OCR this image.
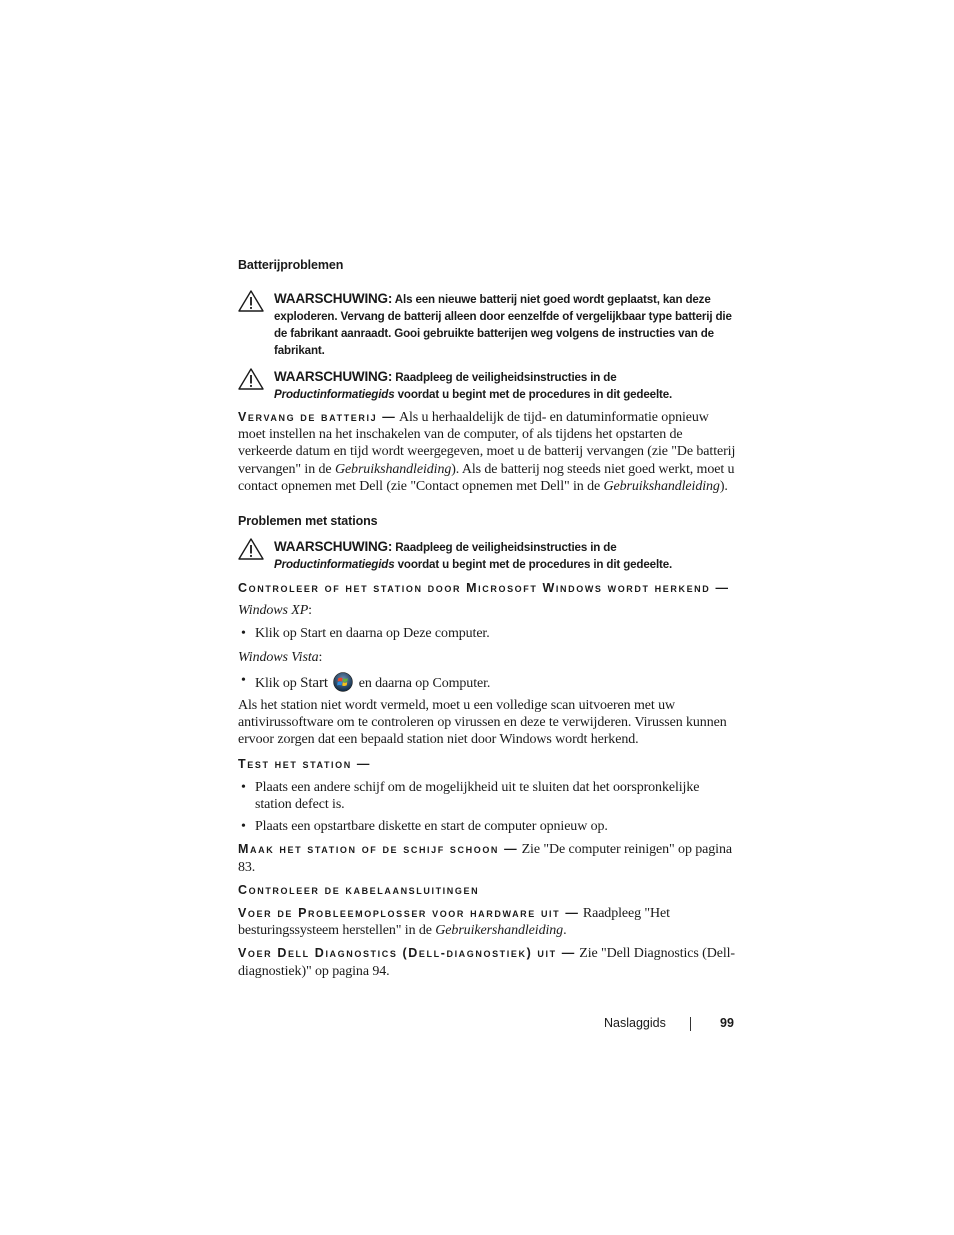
Batterijproblemen
WAARSCHUWING: Als een nieuwe batterij niet goed wordt geplaatst, kan deze exploderen. Vervang de batterij alleen door eenzelfde of vergelijkbaar type batterij die de fabrikant aanraadt. Gooi gebruikte batterijen weg volgens de instructies van de fabrikant.
WAARSCHUWING: Raadpleeg de veiligheidsinstructies in de Productinformatiegids voordat u begint met de procedures in dit gedeelte.

Vervang de batterij — Als u herhaaldelijk de tijd- en datuminformatie opnieuw moet instellen na het inschakelen van de computer, of als tijdens het opstarten de verkeerde datum en tijd wordt weergegeven, moet u de batterij vervangen (zie "De batterij vervangen" in de Gebruikshandleiding). Als de batterij nog steeds niet goed werkt, moet u contact opnemen met Dell (zie "Contact opnemen met Dell" in de Gebruikshandleiding).

Problemen met stations
WAARSCHUWING: Raadpleeg de veiligheidsinstructies in de Productinformatiegids voordat u begint met de procedures in dit gedeelte.

Controleer of het station door Microsoft Windows wordt herkend —

Windows XP:

• Klik op Start en daarna op Deze computer.

Windows Vista:

• Klik op Start  en daarna op Computer.

Als het station niet wordt vermeld, moet u een volledige scan uitvoeren met uw antivirussoftware om te controleren op virussen en deze te verwijderen. Virussen kunnen ervoor zorgen dat een bepaald station niet door Windows wordt herkend.

Test het station —

• Plaats een andere schijf om de mogelijkheid uit te sluiten dat het oorspronkelijke station defect is.
• Plaats een opstartbare diskette en start de computer opnieuw op.

Maak het station of de schijf schoon — Zie "De computer reinigen" op pagina 83.

Controleer de kabelaansluitingen

Voer de Probleemoplosser voor hardware uit — Raadpleeg "Het besturingssysteem herstellen" in de Gebruikershandleiding.

Voer Dell Diagnostics (Dell-diagnostiek) uit — Zie "Dell Diagnostics (Dell-diagnostiek)" op pagina 94.

Naslaggids	99
